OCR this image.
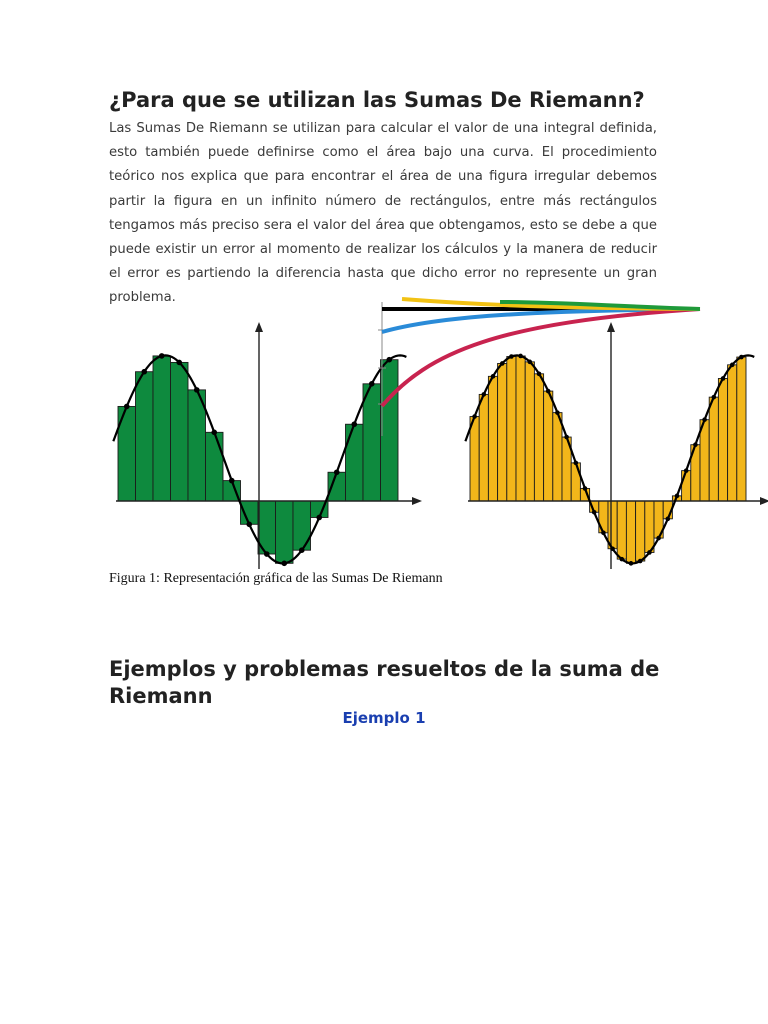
¿Para que se utilizan las Sumas De Riemann?

Las Sumas De Riemann se utilizan para calcular el valor de una integral definida, esto también puede definirse como el área bajo una curva. El procedimiento teórico nos explica que para encontrar el área de una figura irregular debemos partir la figura en un infinito número de rectángulos, entre más rectángulos tengamos más preciso sera el valor del área que obtengamos, esto se debe a que puede existir un error al momento de realizar los cálculos y la manera de reducir el error es partiendo la diferencia hasta que dicho error no represente un gran problema.

Figura 1: Representación gráfica de las Sumas De Riemann

Ejemplos y problemas resueltos de la suma de Riemann

Ejemplo 1
